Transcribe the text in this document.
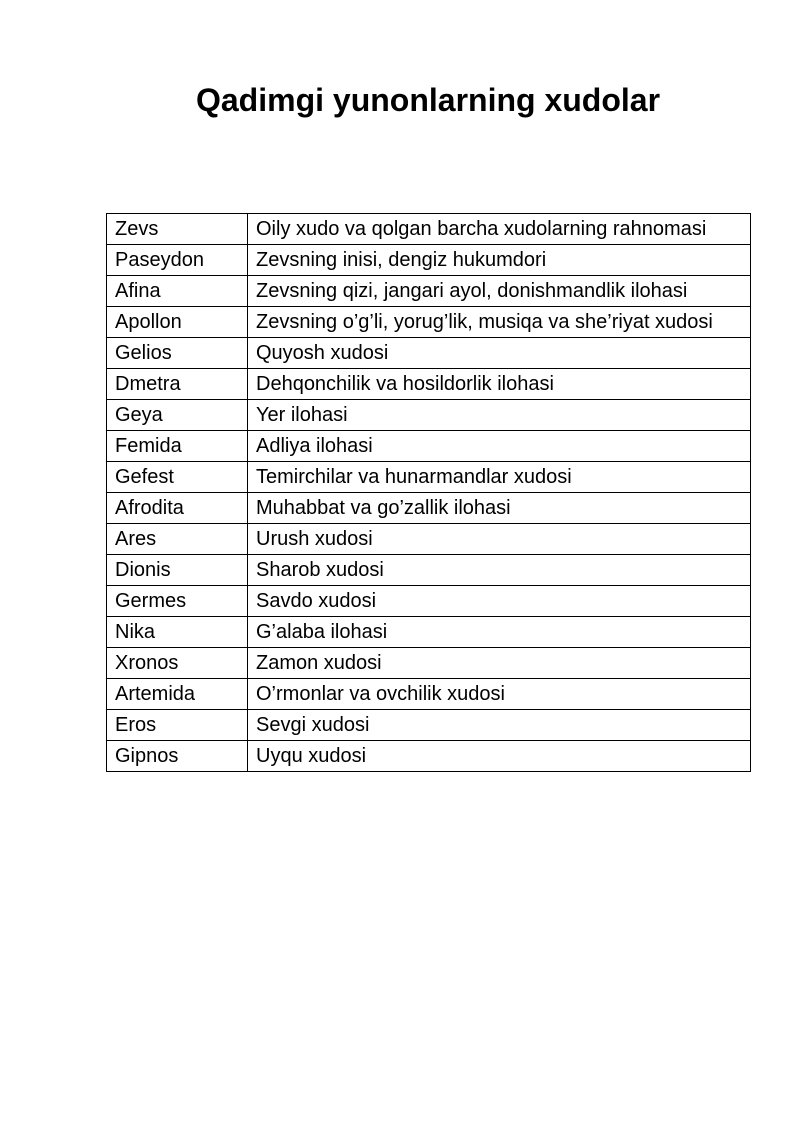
Qadimgi yunonlarning xudolar
Zevs	Oily xudo va qolgan barcha xudolarning rahnomasi
Paseydon	Zevsning inisi, dengiz hukumdori
Afina	Zevsning qizi, jangari ayol, donishmandlik ilohasi
Apollon	Zevsning o’g’li, yorug’lik, musiqa va she’riyat xudosi
Gelios	Quyosh xudosi
Dmetra	Dehqonchilik va hosildorlik ilohasi
Geya	Yer ilohasi
Femida	Adliya ilohasi
Gefest	Temirchilar va hunarmandlar xudosi
Afrodita	Muhabbat va go’zallik ilohasi
Ares	Urush xudosi
Dionis	Sharob xudosi
Germes	Savdo xudosi
Nika	G’alaba ilohasi
Xronos	Zamon xudosi
Artemida	O’rmonlar va ovchilik xudosi
Eros	Sevgi xudosi
Gipnos	Uyqu xudosi
